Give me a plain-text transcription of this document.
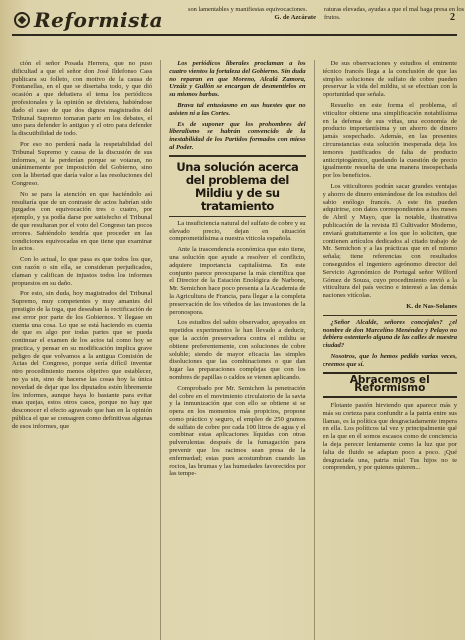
Reformista	son lamentables y manifiestas equivocaciones.
G. de Azcárate
raturas elevadas, ayudas a que el mal haga presa en los frutos.	2

ción el señor Posada Herrera, que no puso dificultad a que el señor don José Ildefonso Cass publicara su folleto, con motivo de la causa de Fontanellas, en el que se disertaba todo, y que dió ocasión a que debatiera el tema los periódicos profesionales y la opinión se divisiera, habiéndose dado el caso de que dos dignos magistrados del Tribunal Supremo tomaran parte en los debates, el uno para defender lo antiguo y el otro para defender la discutibilidad de todo.

Por eso no perderá nada la respetabilidad del Tribunal Supremo y causa de la discusión de sus informes, si la perderían porque se votaran, no unánimemente por imposición del Gobierno, sino con la libertad que daría valor a las resoluciones del Congreso.

No se para la atención en que haciéndolo así resultaría que de un contraste de actos habrían sido juzgados con equivocación tres o cuatro, por ejemplo, y ya podía darse por satisfecho el Tribunal de que resultaran por el voto del Congreso tan pocos errores. Sabiéndolo tendría que proceder en las condiciones equivocadas en que tiene que examinar lo actos.

Con lo actual, lo que pasa es que todos los que, con razón o sin ella, se consideran perjudicados, claman y califican de injustos todos los informes propuestos en su daño.

Por esto, sin duda, hoy magistrados del Tribunal Supremo, muy competentes y muy amantes del prestigio de la toga, que deseaban la rectificación de ese error por parte de los Gobiernos. Y llegase en cuenta una cosa. Lo que se está haciendo es cuenta de que es algo por todas partes que se pueda continuar el examen de los actos tal como hoy se practica, y pensar en su modificación implica grave peligro de que volvamos a la antigua Comisión de Actas del Congreso, porque sería difícil inventar otro procedimiento menos objetivo que establecer, no ya sin, sino de hacerse las cosas hoy la única novedad de dejar que los diputados estén libremente los informes, aunque haya lo bastante para evitar esas quejas, estos otros casos, porque no hay que desconocer el efecto agravado que han en la opinión pública el que se consagren como definitivas algunas de esos informes, que

Los periódicos liberales proclaman a los cuatro vientos la fortaleza del Gobierno. Sin duda no reparan en que Moreno, Alcalá Zamora, Urzáiz y Gullón se encargan de desmentirlos en su mismos barbas.

Brava tal entusiasmo en sus huestes que no asisten ni a las Cortes.

Es de suponer que los prohombres del liberalismo se habrán convencido de la inestabilidad de los Partidos formados con mieso al Poder.

Una solución acerca del problema del Mildiu y de su tratamiento

La insuficiencia natural del sulfato de cobre y su elevado precio, dejan en situación comprometidísima a nuestra viticola española.

Ante la trascendencia económica que esto tiene, una solución que ayude a resolver el conflicto, adquiere importancia capitalísima. En este conjunto parece preocuparse la más científica que el Director de la Estación Enológica de Narbone, Mr. Semichon hace poco presenta a la Academia de la Agricultura de Francia, para llegar a la completa preservación de los viñedos de las invasiones de la peronospora.

Los estudios del sabio observador, apoyados en repetidos experimentos le han llevado a deducir, que la acción preservadora contra el mildiu se obtiene preferentemente, con soluciones de cobre soluble; siendo de mayor eficacia las simples disoluciones que las combinaciones o que dan lugar las preparaciones complejas que con los nombres de papillas o caldos se vienen aplicando.

Comprobado por Mr. Semichon la penetración del cobre en el movimiento circulatorio de la savia y la inmunización que con ello se obtiene si se opera en los momentos más propicios, propone como práctico y seguro, el empleo de 250 gramos de sulfato de cobre por cada 100 litros de agua y el combinar estas aplicaciones líquidas con otras pulverulentas después de la fumagación para prevenir que los racimos sean presa de la enfermedad; estas pues acostumbran cuando las rocios, las brumas y las humedades favorecidos por las tempe-

De sus observaciones y estudios el eminente técnico francés llega a la conclusión de que las simples soluciones de sulfato de cobre pueden preservar la vida del mildiu, si se efectúan con la oportunidad que señala.

Resuelto en este forma el problema, el viticultor obtiene una simplificación notabilísima en la defensa de sus viñas, una economía de producto importantísima y un ahorro de dinero jamás sospechado. Además, en las presentes circunstancias esta solución inesperada deja los temores justificados de falta de producto anticriptogámico, quedando la cuestión de precio igualmente resuelta de una manera insospechada por los beneficios.

Los viticultores podrán sacar grandes ventajas y ahorro de dinero enterándose de los estudios del sabio enólogo francés. A este fin pueden adquirirse, con datos correspondientes a los meses de Abril y Mayo, que la notable, ilustrativa publicación de la revista El Cultivador Moderno, enviará gratuitamente a los que lo soliciten, que contienen artículos dedicados al citado trabajo de Mr. Semichon y a las prácticas que en el mismo señala; tiene referencias con resultados conseguidos el ingeniero agrónomo director del Servicio Agronómico de Portugal señor Wilford Gómez de Souza, cuyo procedimiento envió a la viticultura del país vecino e interesó a las demás naciones vitícolas.

K. de Nas-Solanes

¿Señor Alcalde, señores concejales? ¿el nombre de don Marcelino Menéndez y Pelayo no debiera ostentarlo alguna de las calles de nuestra ciudad?

Nosotros, que lo hemos pedido varias veces, creemos que sí.

Abracemos el Reformismo

Flotante pasión hirviendo que aparece más y más su corteza para confundir a la patria entre sus llamas, es la política que desgraciadamente impera en ella. Los políticos tal vez y principalmente qué en la que en él somos escasos como de conciencia la deja perecer lentamente como la luz que por falta de fluido se adaptan poco a poco. ¡Qué desgraciada una, patria mía! Tus hijos no te comprenden, y por quienes quieren...
